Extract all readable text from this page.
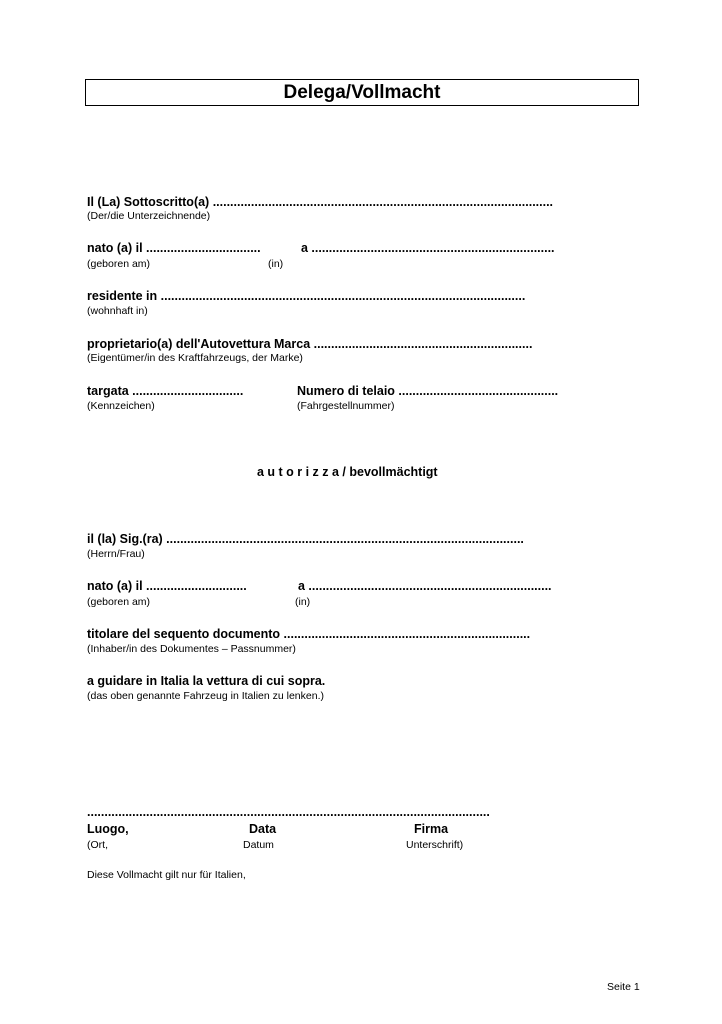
Delega/Vollmacht
Il (La) Sottoscritto(a) ..................................................................................................
(Der/die Unterzeichnende)
nato (a) il .................................	a ......................................................................
(geboren am)	(in)
residente in .........................................................................................................
(wohnhaft in)
proprietario(a) dell'Autovettura Marca ...............................................................
(Eigentümer/in des Kraftfahrzeugs, der Marke)
targata ................................	Numero di telaio ..............................................
(Kennzeichen)	(Fahrgestellnummer)
a u t o r i z z a / bevollmächtigt
il (la) Sig.(ra) .......................................................................................................
(Herrn/Frau)
nato (a) il .............................	a ......................................................................
(geboren am)	(in)
titolare del sequento documento .......................................................................
(Inhaber/in des Dokumentes – Passnummer)
a guidare in Italia la vettura di cui sopra.
(das oben genannte Fahrzeug in Italien zu lenken.)
....................................................................................................................
Luogo,	Data	Firma
(Ort,	Datum	Unterschrift)
Diese Vollmacht gilt nur für Italien,
Seite 1
